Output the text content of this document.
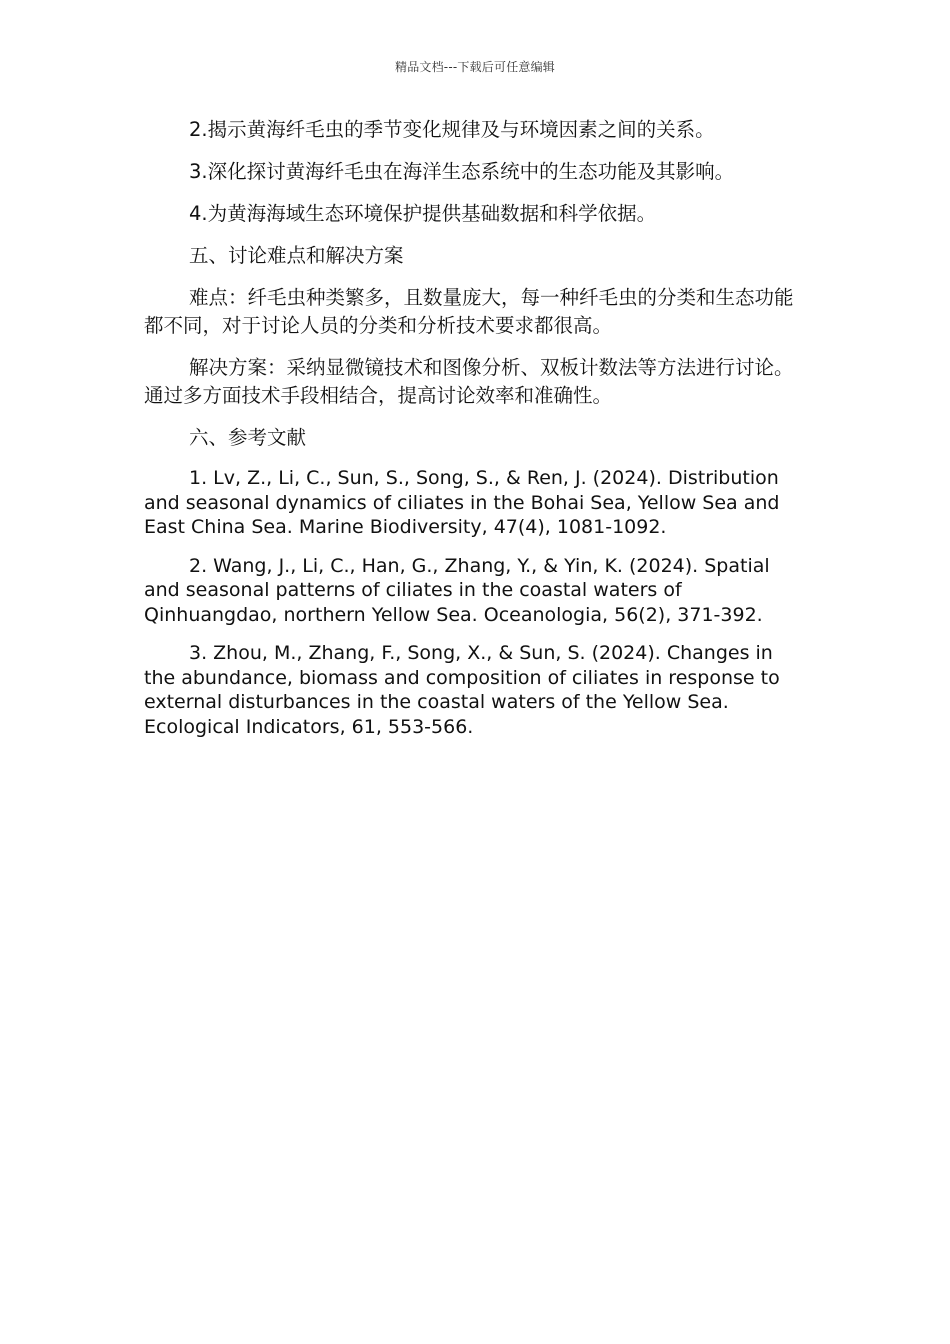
精品文档---下载后可任意编辑

2.揭示黄海纤毛虫的季节变化规律及与环境因素之间的关系。

3.深化探讨黄海纤毛虫在海洋生态系统中的生态功能及其影响。

4.为黄海海域生态环境保护提供基础数据和科学依据。

五、讨论难点和解决方案

难点：纤毛虫种类繁多，且数量庞大，每一种纤毛虫的分类和生态功能都不同，对于讨论人员的分类和分析技术要求都很高。

解决方案：采纳显微镜技术和图像分析、双板计数法等方法进行讨论。通过多方面技术手段相结合，提高讨论效率和准确性。

六、参考文献

1. Lv, Z., Li, C., Sun, S., Song, S., & Ren, J. (2024). Distribution and seasonal dynamics of ciliates in the Bohai Sea, Yellow Sea and East China Sea. Marine Biodiversity, 47(4), 1081-1092.

2. Wang, J., Li, C., Han, G., Zhang, Y., & Yin, K. (2024). Spatial and seasonal patterns of ciliates in the coastal waters of Qinhuangdao, northern Yellow Sea. Oceanologia, 56(2), 371-392.

3. Zhou, M., Zhang, F., Song, X., & Sun, S. (2024). Changes in the abundance, biomass and composition of ciliates in response to external disturbances in the coastal waters of the Yellow Sea. Ecological Indicators, 61, 553-566.
